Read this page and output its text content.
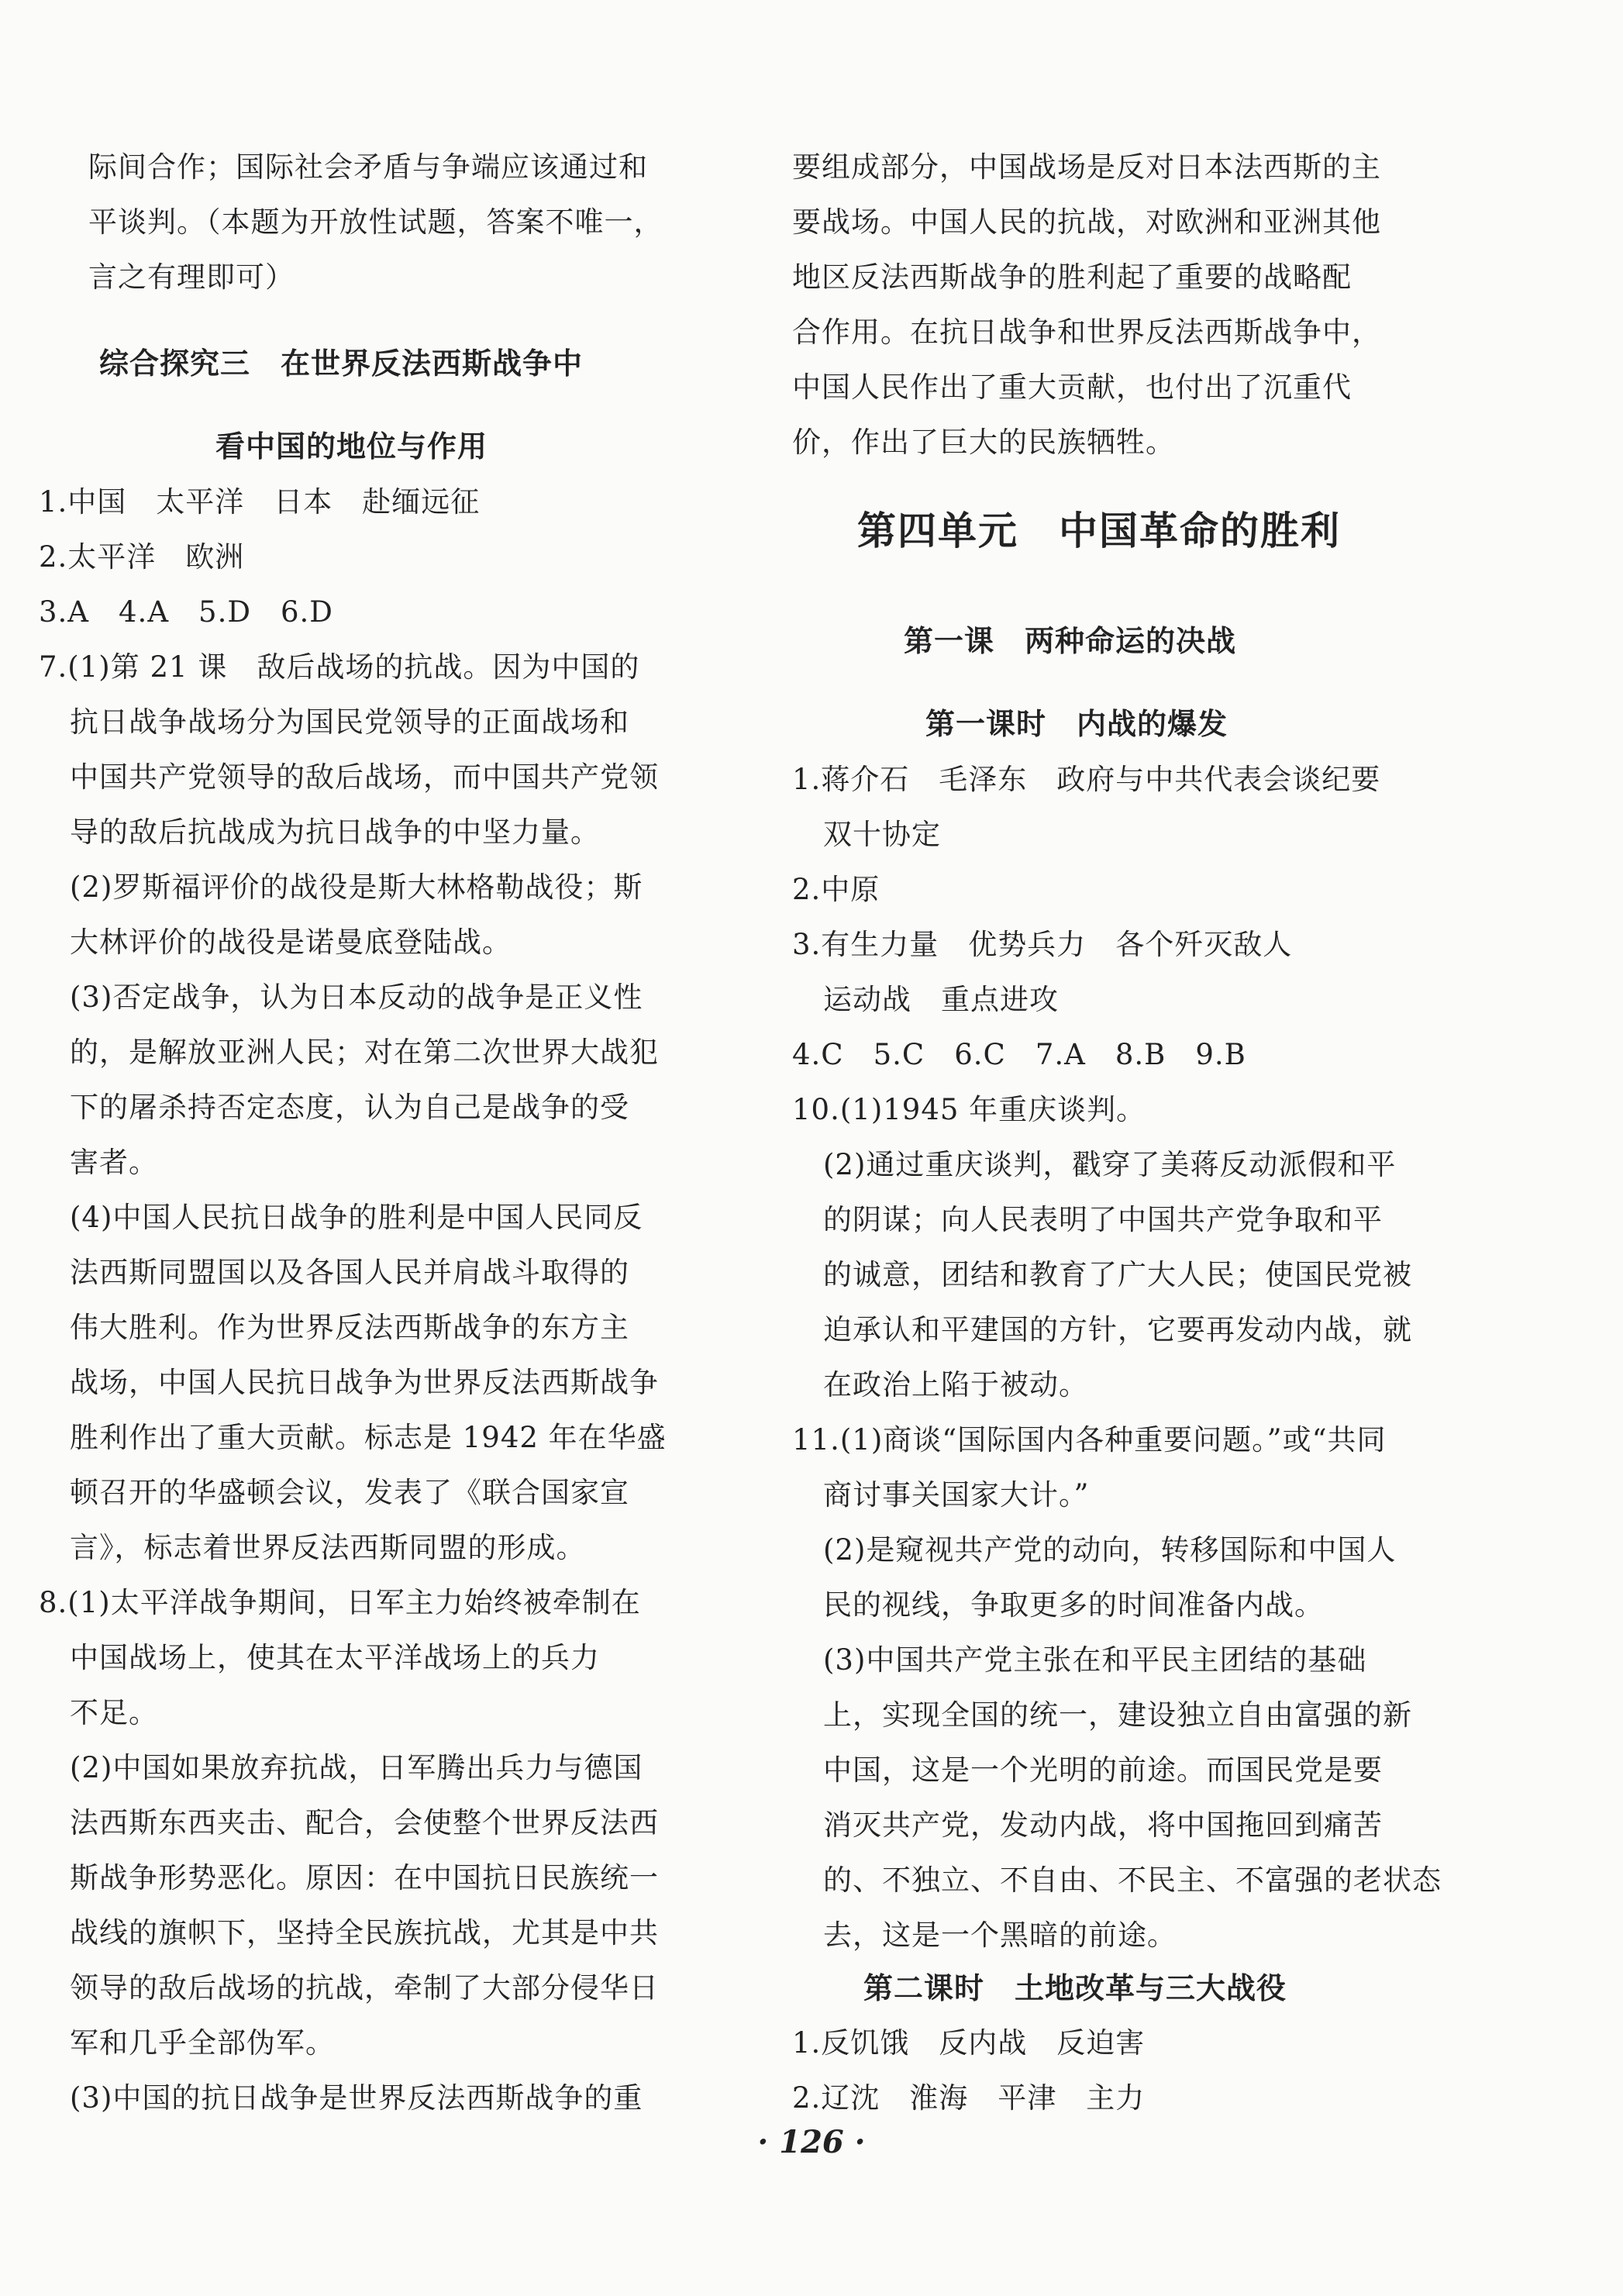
际间合作；国际社会矛盾与争端应该通过和
平谈判。（本题为开放性试题，答案不唯一，
言之有理即可）
综合探究三　在世界反法西斯战争中
看中国的地位与作用
1.中国　太平洋　日本　赴缅远征
2.太平洋　欧洲
3.A　4.A　5.D　6.D
7.(1)第 21 课　敌后战场的抗战。因为中国的
抗日战争战场分为国民党领导的正面战场和
中国共产党领导的敌后战场，而中国共产党领
导的敌后抗战成为抗日战争的中坚力量。
(2)罗斯福评价的战役是斯大林格勒战役；斯
大林评价的战役是诺曼底登陆战。
(3)否定战争，认为日本反动的战争是正义性
的，是解放亚洲人民；对在第二次世界大战犯
下的屠杀持否定态度，认为自己是战争的受
害者。
(4)中国人民抗日战争的胜利是中国人民同反
法西斯同盟国以及各国人民并肩战斗取得的
伟大胜利。作为世界反法西斯战争的东方主
战场，中国人民抗日战争为世界反法西斯战争
胜利作出了重大贡献。标志是 1942 年在华盛
顿召开的华盛顿会议，发表了《联合国家宣
言》，标志着世界反法西斯同盟的形成。
8.(1)太平洋战争期间，日军主力始终被牵制在
中国战场上，使其在太平洋战场上的兵力
不足。
(2)中国如果放弃抗战，日军腾出兵力与德国
法西斯东西夹击、配合，会使整个世界反法西
斯战争形势恶化。原因：在中国抗日民族统一
战线的旗帜下，坚持全民族抗战，尤其是中共
领导的敌后战场的抗战，牵制了大部分侵华日
军和几乎全部伪军。
(3)中国的抗日战争是世界反法西斯战争的重
要组成部分，中国战场是反对日本法西斯的主
要战场。中国人民的抗战，对欧洲和亚洲其他
地区反法西斯战争的胜利起了重要的战略配
合作用。在抗日战争和世界反法西斯战争中，
中国人民作出了重大贡献，也付出了沉重代
价，作出了巨大的民族牺牲。
第四单元　中国革命的胜利
第一课　两种命运的决战
第一课时　内战的爆发
1.蒋介石　毛泽东　政府与中共代表会谈纪要
双十协定
2.中原
3.有生力量　优势兵力　各个歼灭敌人
运动战　重点进攻
4.C　5.C　6.C　7.A　8.B　9.B
10.(1)1945 年重庆谈判。
(2)通过重庆谈判，戳穿了美蒋反动派假和平
的阴谋；向人民表明了中国共产党争取和平
的诚意，团结和教育了广大人民；使国民党被
迫承认和平建国的方针，它要再发动内战，就
在政治上陷于被动。
11.(1)商谈“国际国内各种重要问题。”或“共同
商讨事关国家大计。”
(2)是窥视共产党的动向，转移国际和中国人
民的视线，争取更多的时间准备内战。
(3)中国共产党主张在和平民主团结的基础
上，实现全国的统一，建设独立自由富强的新
中国，这是一个光明的前途。而国民党是要
消灭共产党，发动内战，将中国拖回到痛苦
的、不独立、不自由、不民主、不富强的老状态
去，这是一个黑暗的前途。
第二课时　土地改革与三大战役
1.反饥饿　反内战　反迫害
2.辽沈　淮海　平津　主力
· 126 ·
